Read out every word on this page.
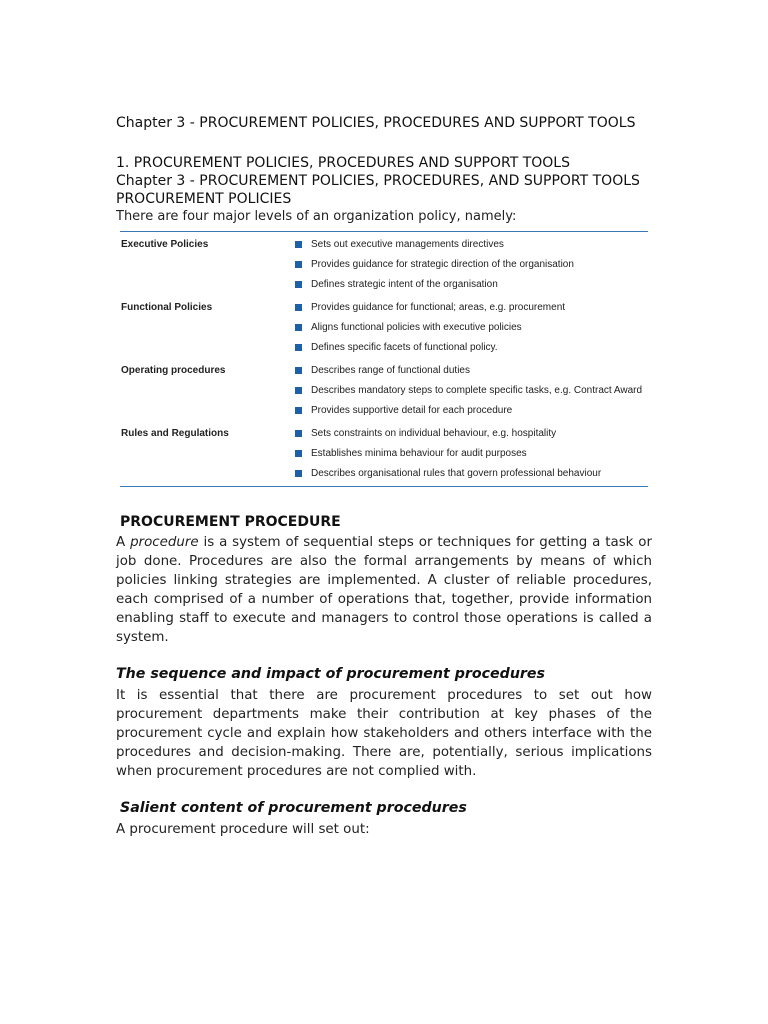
Chapter 3 - PROCUREMENT POLICIES, PROCEDURES AND SUPPORT TOOLS
1. PROCUREMENT POLICIES, PROCEDURES AND SUPPORT TOOLS
Chapter 3 - PROCUREMENT POLICIES, PROCEDURES, AND SUPPORT TOOLS
PROCUREMENT POLICIES

There are four major levels of an organization policy, namely:

Executive Policies	Sets out executive managements directives
Provides guidance for strategic direction of the organisation
Defines strategic intent of the organisation
Functional Policies	Provides guidance for functional; areas, e.g. procurement
Aligns functional policies with executive policies
Defines specific facets of functional policy.
Operating procedures	Describes range of functional duties
Describes mandatory steps to complete specific tasks, e.g. Contract Award
Provides supportive detail for each procedure
Rules and Regulations	Sets constraints on individual behaviour, e.g. hospitality
Establishes minima behaviour for audit purposes
Describes organisational rules that govern professional behaviour
PROCUREMENT PROCEDURE

A procedure is a system of sequential steps or techniques for getting a task or job done. Procedures are also the formal arrangements by means of which policies linking strategies are implemented. A cluster of reliable procedures, each comprised of a number of operations that, together, provide information enabling staff to execute and managers to control those operations is called a system.

The sequence and impact of procurement procedures

It is essential that there are procurement procedures to set out how procurement departments make their contribution at key phases of the procurement cycle and explain how stakeholders and others interface with the procedures and decision-making. There are, potentially, serious implications when procurement procedures are not complied with.

Salient content of procurement procedures

A procurement procedure will set out:
